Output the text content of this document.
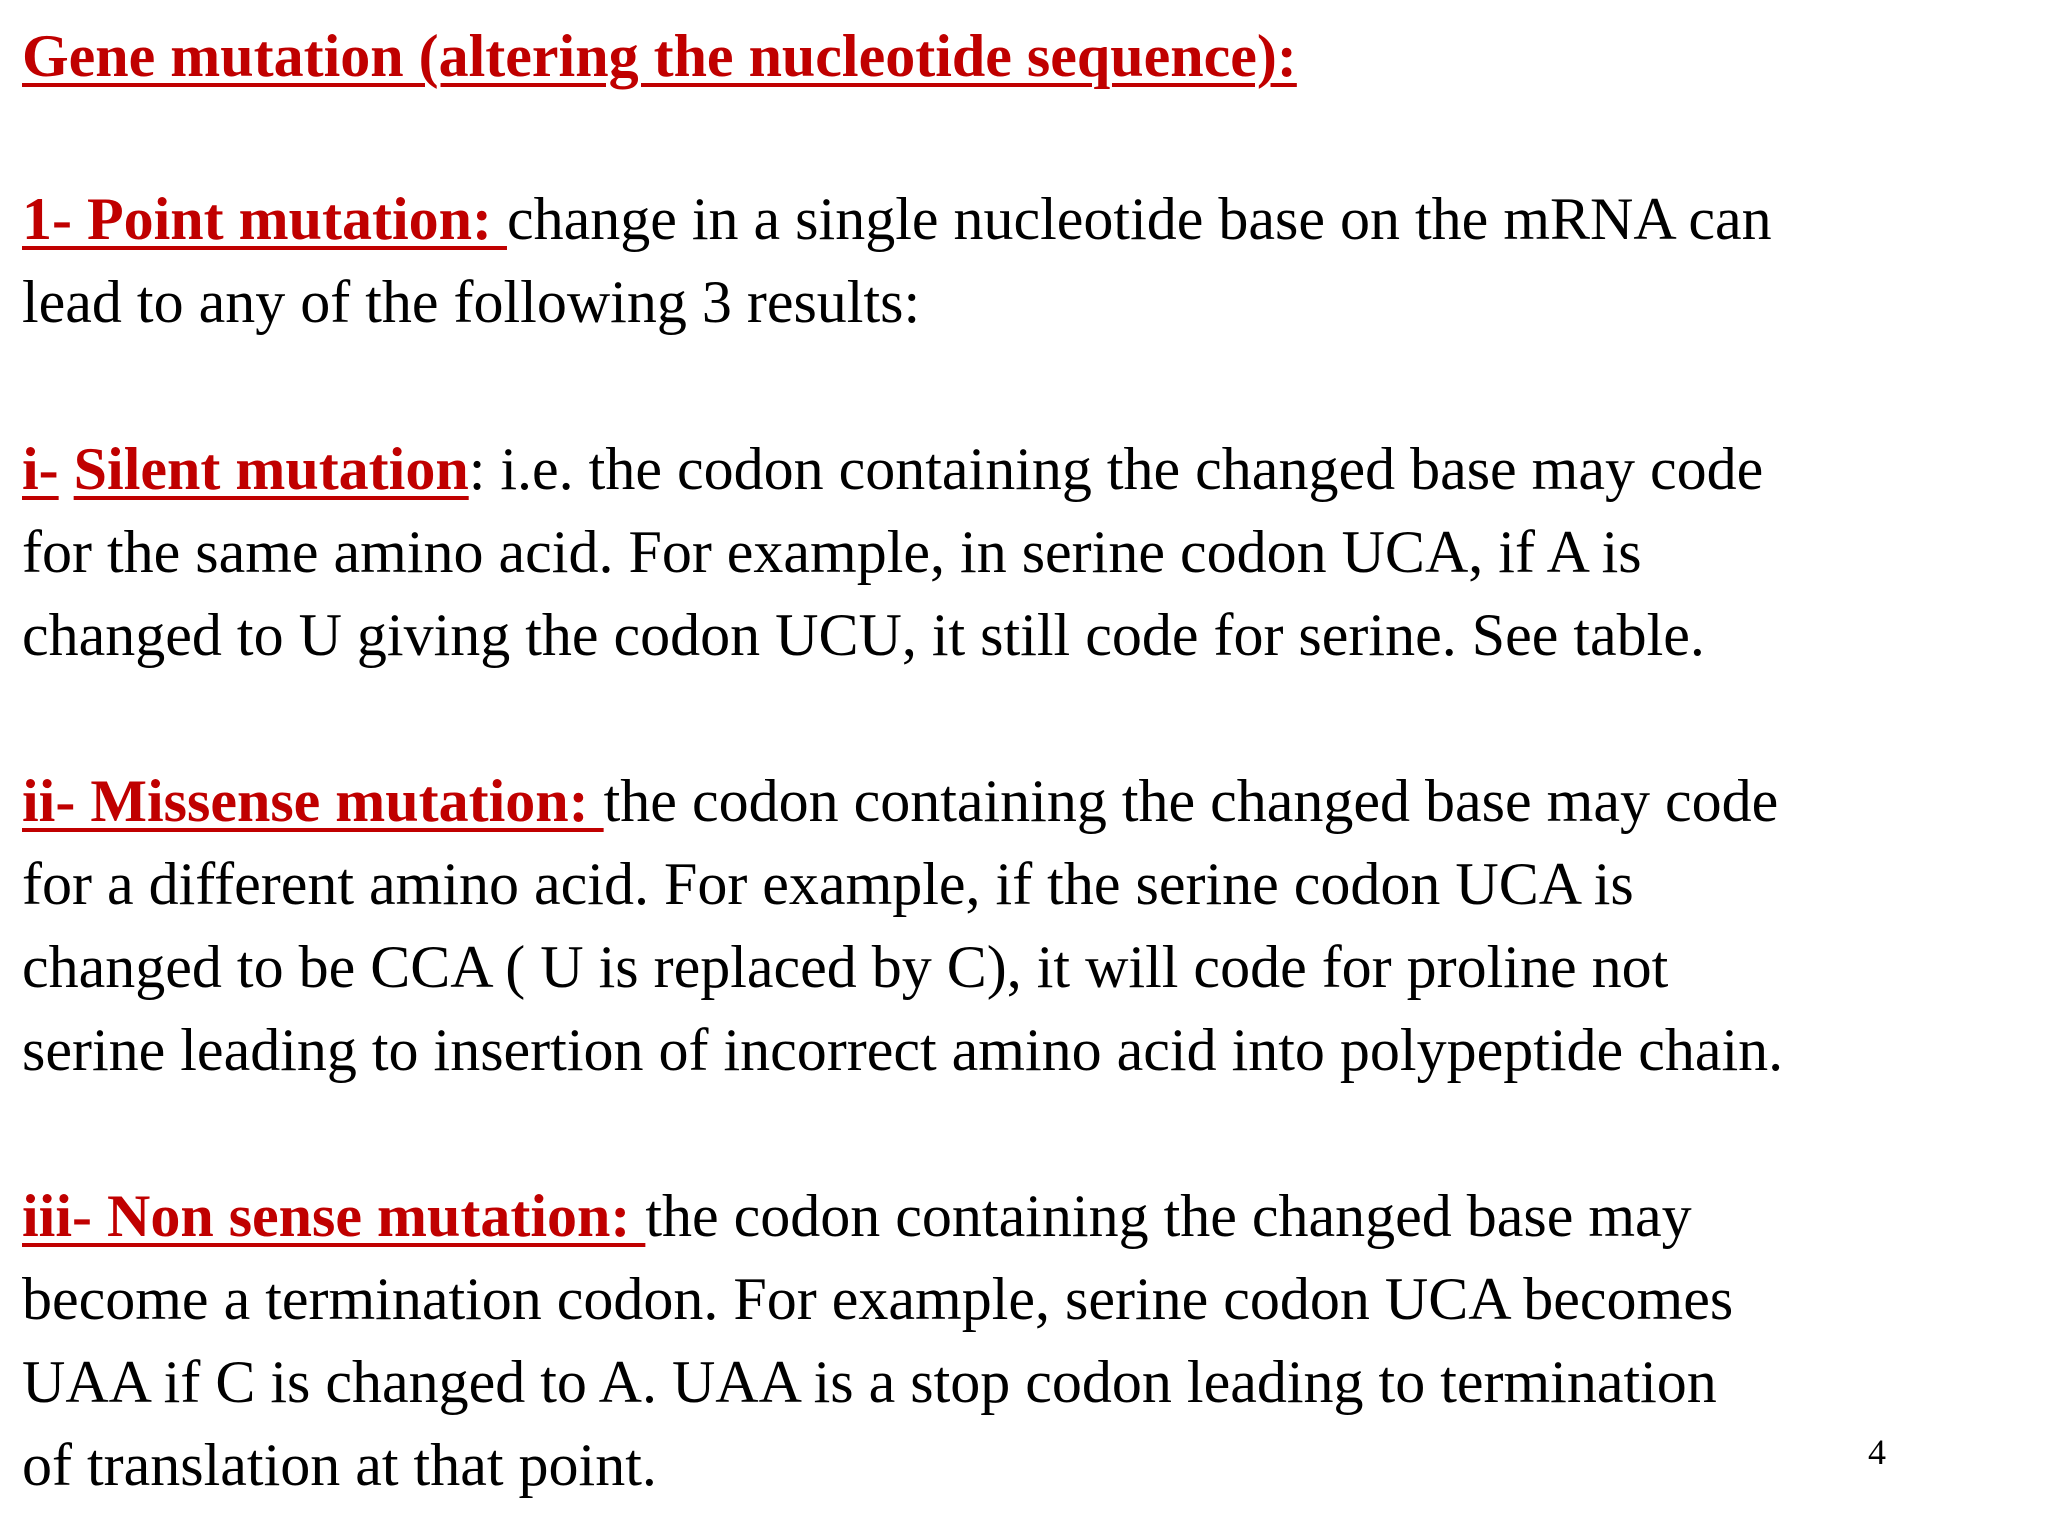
Gene mutation (altering the nucleotide sequence):
1- Point mutation: change in a single nucleotide base on the mRNA can
lead to any of the following 3 results:
i- Silent mutation: i.e. the codon containing the changed base may code
for the same amino acid. For example, in serine codon UCA, if A is
changed to U giving the codon UCU, it still code for serine. See table.
ii- Missense mutation: the codon containing the changed base may code
for a different amino acid. For example, if the serine codon UCA is
changed to be CCA ( U is replaced by C), it will code for proline not
serine leading to insertion of incorrect amino acid into polypeptide chain.
iii- Non sense mutation: the codon containing the changed base may
become a termination codon. For example, serine codon UCA becomes
UAA if C is changed to A. UAA is a stop codon leading to termination
of translation at that point.	4
